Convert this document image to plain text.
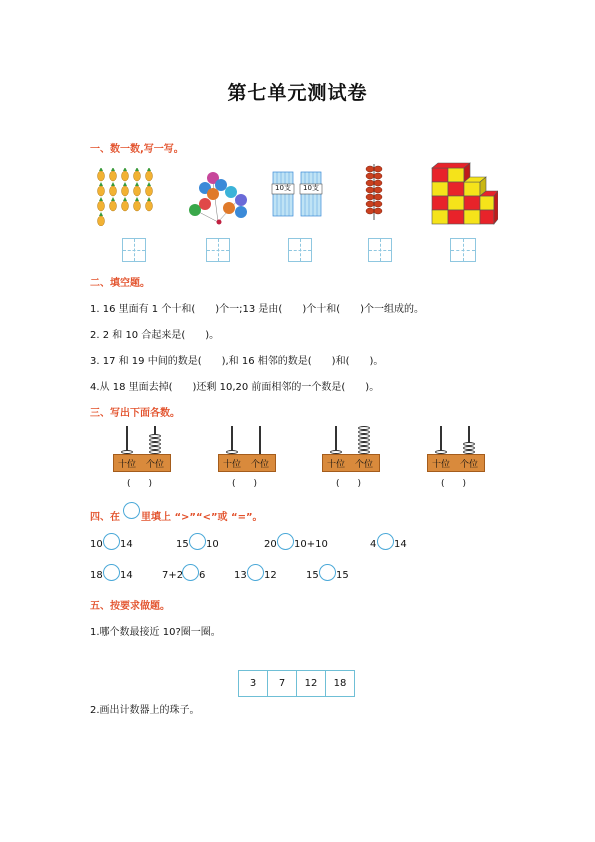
第七单元测试卷
一、数一数,写一写。
10支 10支
二、填空题。
1. 16 里面有 1 个十和(　　)个一;13 是由(　　)个十和(　　)个一组成的。
2. 2 和 10 合起来是(　　)。
3. 17 和 19 中间的数是(　　),和 16 相邻的数是(　　)和(　　)。
4.从 18 里面去掉(　　)还剩 10,20 前面相邻的一个数是(　　)。
三、写出下面各数。
十位 个位
(　　)
十位 个位
(　　)
十位 个位
(　　)
十位 个位
(　　)
四、在 里填上 “>”“<”或 “=”。
10 14	15 10	20 10+10	4 14
18 14	7+2 6	13 12	15 15
五、按要求做题。
1.哪个数最接近 10?圈一圈。
3	7	12	18
2.画出计数器上的珠子。
